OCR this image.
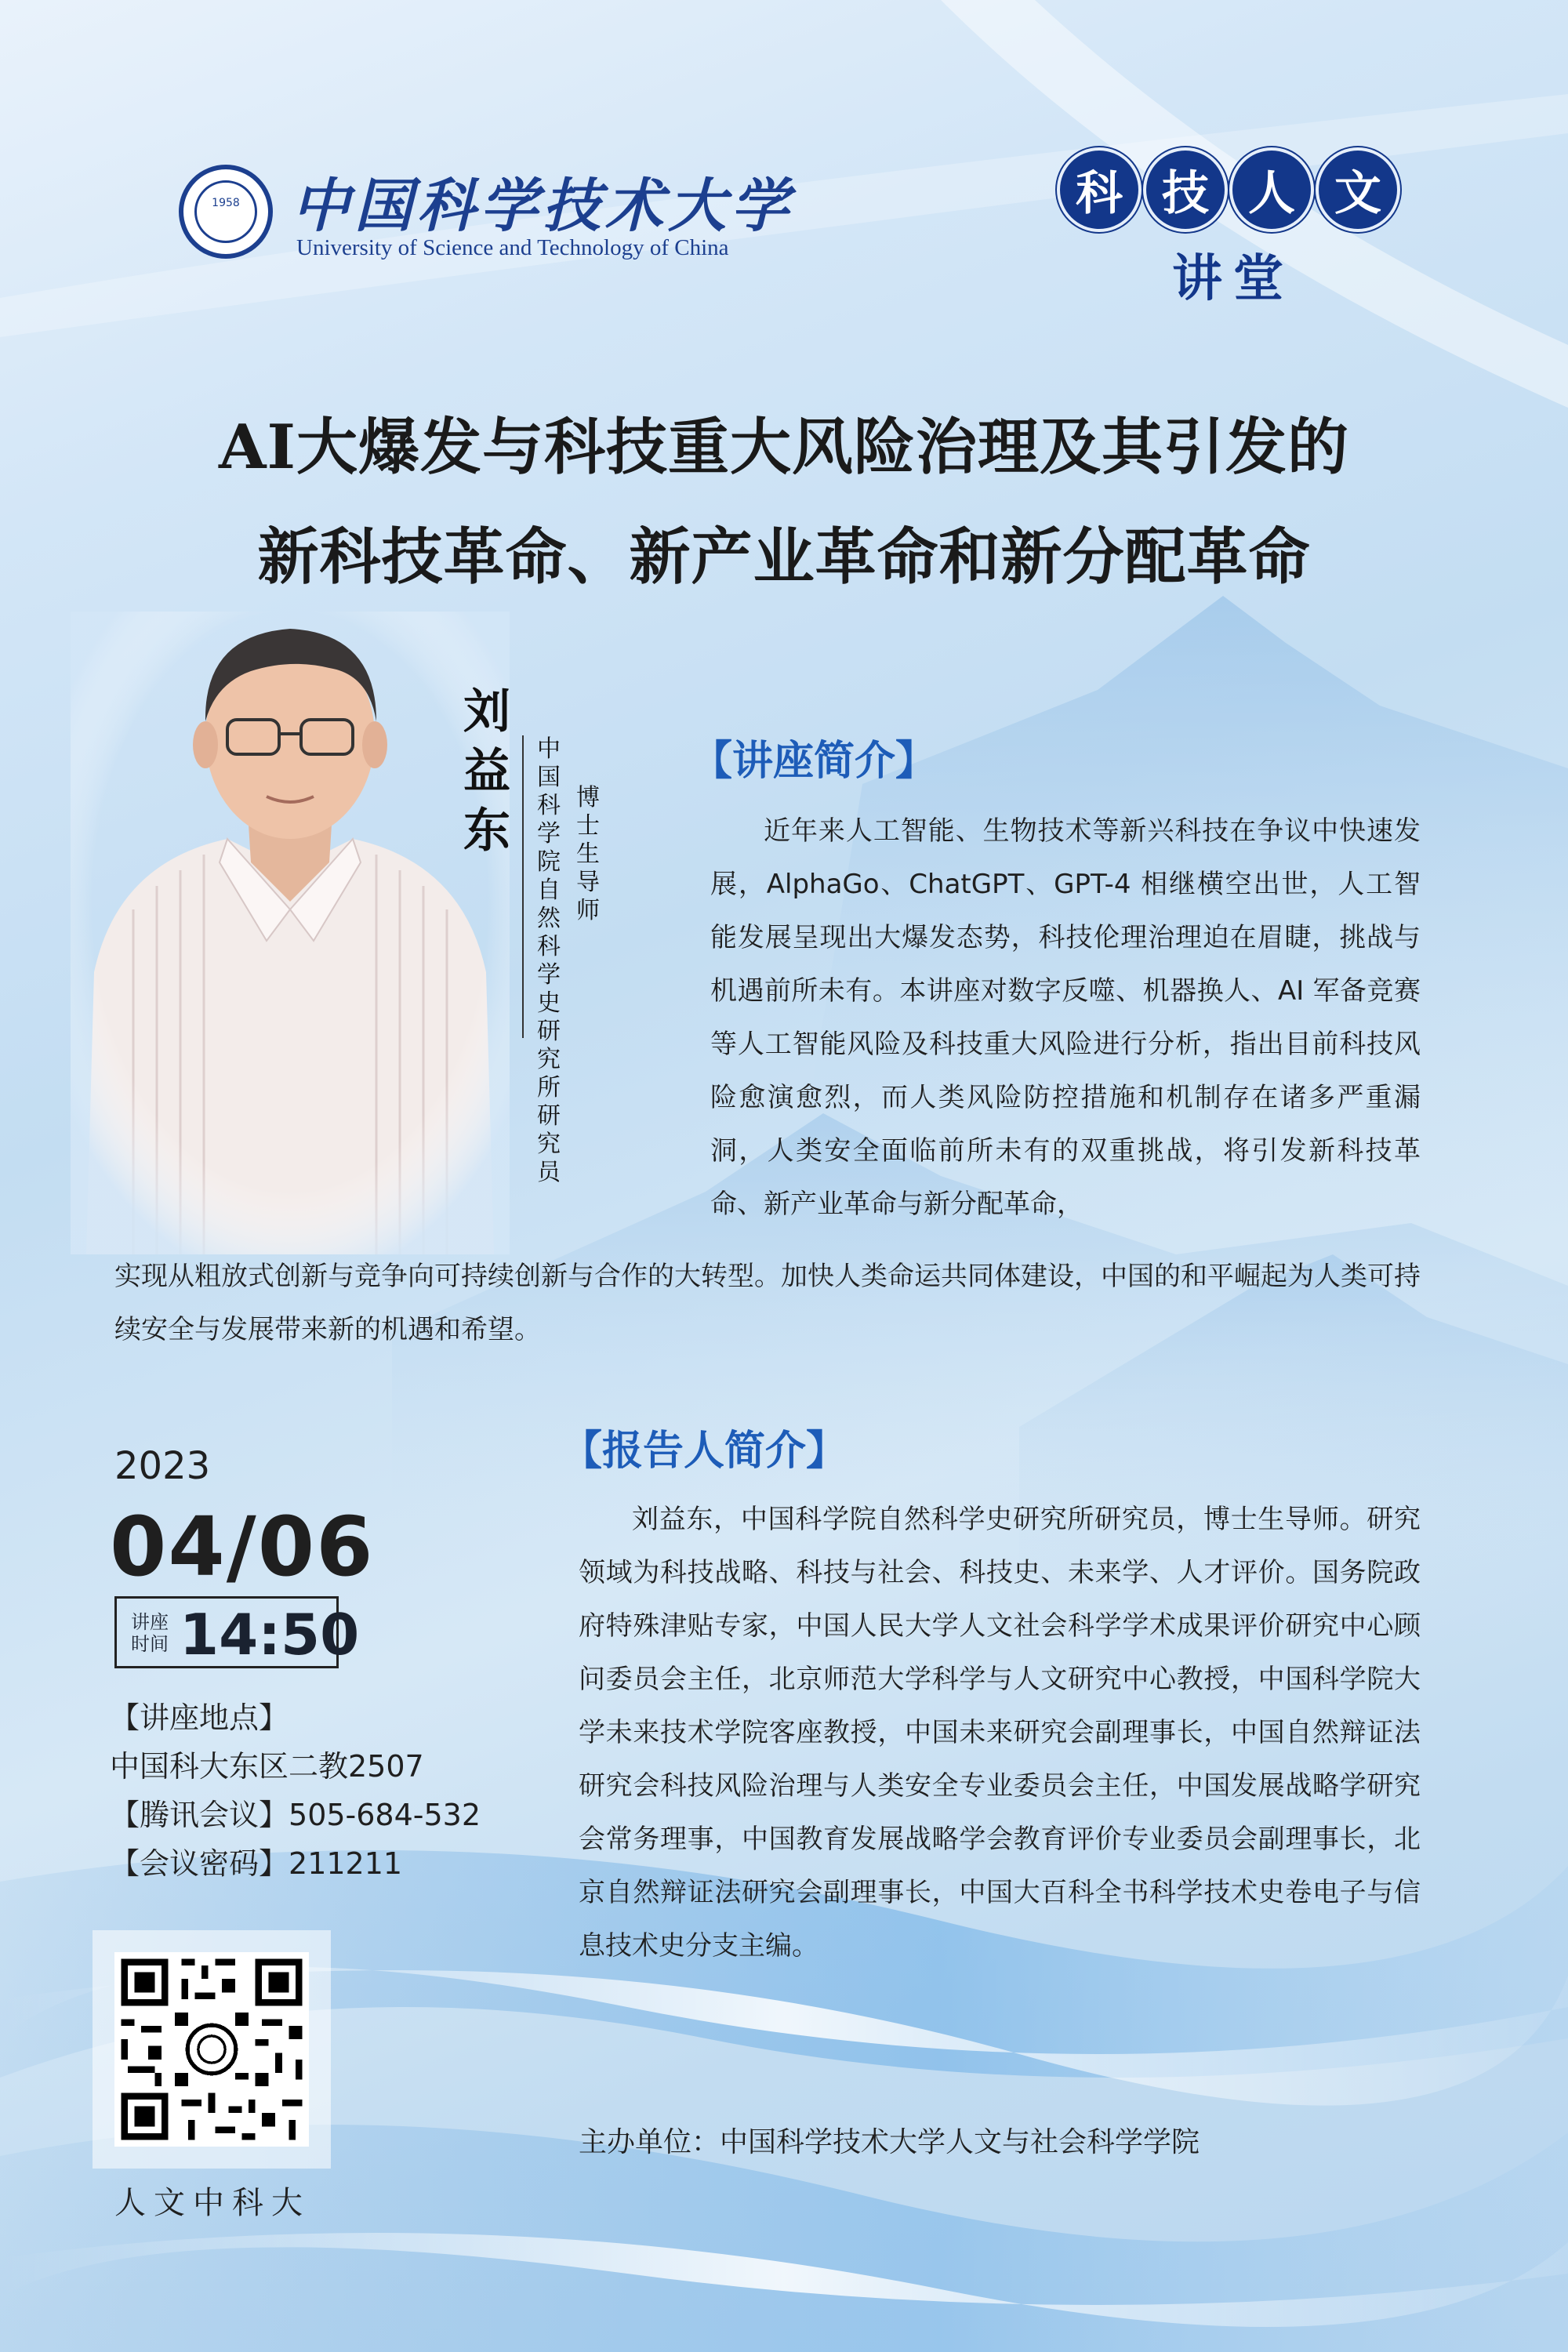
1958 中国科学技术大学
University of Science and Technology of China
科 技 人 文
讲堂
AI大爆发与科技重大风险治理及其引发的
新科技革命、新产业革命和新分配革命
刘益东
中国科学院自然科学史研究所研究员
博士生导师
【讲座简介】

近年来人工智能、生物技术等新兴科技在争议中快速发展，AlphaGo、ChatGPT、GPT-4 相继横空出世，人工智能发展呈现出大爆发态势，科技伦理治理迫在眉睫，挑战与机遇前所未有。本讲座对数字反噬、机器换人、AI 军备竞赛等人工智能风险及科技重大风险进行分析，指出目前科技风险愈演愈烈，而人类风险防控措施和机制存在诸多严重漏洞，人类安全面临前所未有的双重挑战，将引发新科技革命、新产业革命与新分配革命，

实现从粗放式创新与竞争向可持续创新与合作的大转型。加快人类命运共同体建设，中国的和平崛起为人类可持续安全与发展带来新的机遇和希望。

【报告人简介】

刘益东，中国科学院自然科学史研究所研究员，博士生导师。研究领域为科技战略、科技与社会、科技史、未来学、人才评价。国务院政府特殊津贴专家，中国人民大学人文社会科学学术成果评价研究中心顾问委员会主任，北京师范大学科学与人文研究中心教授，中国科学院大学未来技术学院客座教授，中国未来研究会副理事长，中国自然辩证法研究会科技风险治理与人类安全专业委员会主任，中国发展战略学研究会常务理事，中国教育发展战略学会教育评价专业委员会副理事长，北京自然辩证法研究会副理事长，中国大百科全书科学技术史卷电子与信息技术史分支主编。

2023
04/06
讲座时间 14:50
【讲座地点】
中国科大东区二教2507
【腾讯会议】505-684-532
【会议密码】211211
人文中科大
主办单位：中国科学技术大学人文与社会科学学院
